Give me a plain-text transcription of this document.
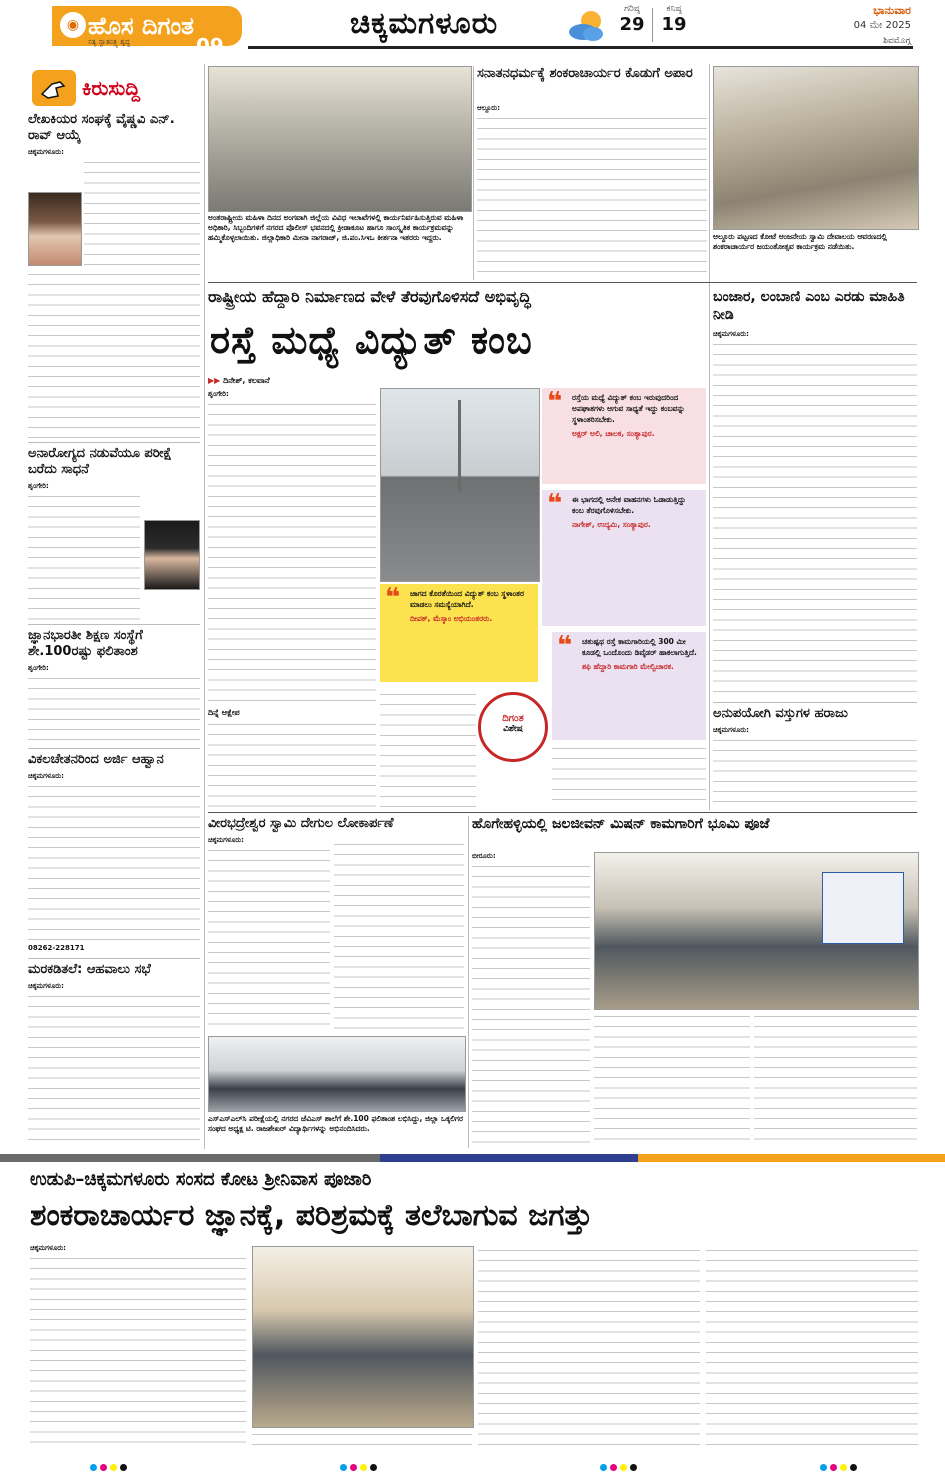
ಹೊಸ ದಿಗಂತ
◉
ಸತ್ಯ ಸ್ವಾತಂತ್ರ್ಯ ಶೃದ್ಧ	09
ಚಿಕ್ಕಮಗಳೂರು	ಗರಿಷ್ಠ
29
ಕನಿಷ್ಠ
19
ಭಾನುವಾರ
04 ಮೇ 2025
ಶಿವಮೊಗ್ಗ
ಕಿರುಸುದ್ದಿ
ಲೇಖಕಿಯರ ಸಂಘಕ್ಕೆ ವೈಷ್ಣವಿ ಎನ್. ರಾವ್ ಆಯ್ಕೆ
ಚಿಕ್ಕಮಗಳೂರು:
ಅನಾರೋಗ್ಯದ ನಡುವೆಯೂ ಪರೀಕ್ಷೆ ಬರೆದು ಸಾಧನೆ
ಶೃಂಗೇರಿ:
ಜ್ಞಾನಭಾರತೀ ಶಿಕ್ಷಣ ಸಂಸ್ಥೆಗೆ ಶೇ.100ರಷ್ಟು ಫಲಿತಾಂಶ
ಶೃಂಗೇರಿ:
ವಿಕಲಚೇತನರಿಂದ ಅರ್ಜಿ ಆಹ್ವಾನ
ಚಿಕ್ಕಮಗಳೂರು:
08262-228171
ಮರಕಡಿತಲೆ: ಆಹವಾಲು ಸಭೆ
ಚಿಕ್ಕಮಗಳೂರು:
ಅಂತರಾಷ್ಟ್ರೀಯ ಮಹಿಳಾ ದಿನದ ಅಂಗವಾಗಿ ಜಿಲ್ಲೆಯ ವಿವಿಧ ಇಲಾಖೆಗಳಲ್ಲಿ ಕಾರ್ಯನಿರ್ವಹಿಸುತ್ತಿರುವ ಮಹಿಳಾ ಅಧಿಕಾರಿ, ಸಿಬ್ಬಂದಿಗಳಿಗೆ ನಗರದ ಪೊಲೀಸ್ ಭವನದಲ್ಲಿ ಕ್ರೀಡಾಕೂಟ ಹಾಗೂ ಸಾಂಸ್ಕೃತಿಕ ಕಾರ್ಯಕ್ರಮವನ್ನು ಹಮ್ಮಿಕೊಳ್ಳಲಾಯಿತು. ಜಿಲ್ಲಾಧಿಕಾರಿ ಮೀನಾ ನಾಗರಾಜ್, ಜಿ.ಪಂ.ಸಿಇಒ ಕೀರ್ತನಾ ಇತರರು ಇದ್ದರು.
ಸನಾತನಧರ್ಮಕ್ಕೆ ಶಂಕರಾಚಾರ್ಯರ ಕೊಡುಗೆ ಅಪಾರ
ಆಲ್ದೂರು:
ಆಲ್ದೂರು ಪಟ್ಟಣದ ಕೋಟೆ ಆಂಜನೇಯ ಸ್ವಾಮಿ ದೇವಾಲಯ ಆವರಣದಲ್ಲಿ ಶಂಕರಾಚಾರ್ಯರ ಜಯಂತೋತ್ಸವ ಕಾರ್ಯಕ್ರಮ ನಡೆಯಿತು.
ರಾಷ್ಟ್ರೀಯ ಹೆದ್ದಾರಿ ನಿರ್ಮಾಣದ ವೇಳೆ ತೆರವುಗೊಳಿಸದೆ ಅಭಿವೃದ್ಧಿ
ರಸ್ತೆ ಮಧ್ಯೆ ವಿದ್ಯುತ್ ಕಂಬ
▶▶ ದಿನೇಶ್, ಕಲವಾನೆ
ಶೃಂಗೇರಿ:
ದಿನ್ನೆ ಆಕ್ಷೇಪ
❝	ರಸ್ತೆಯ ಮಧ್ಯೆ ವಿದ್ಯುತ್ ಕಂಬ ಇರುವುದರಿಂದ ಅಪಘಾತಗಳು ಆಗುವ ಸಾಧ್ಯತೆ ಇದ್ದು ಕಂಬವನ್ನು ಸ್ಥಳಾಂತರಿಸಬೇಕು.
ಅಕ್ಷರ್ ಅಲಿ, ಚಾಲಕ, ಸಂತ್ಯಾಪುರ.
❝	ಈ ಭಾಗದಲ್ಲಿ ಅನೇಕ ವಾಹನಗಳು ಓಡಾಡುತ್ತಿದ್ದು ಕಂಬ ತೆರವುಗೊಳಿಸಬೇಕು.
ನಾಗೇಶ್, ಉದ್ಯಮಿ, ಸಂತ್ಯಾಪುರ.
❝	ಜಾಗದ ಕೊರತೆಯಿಂದ ವಿದ್ಯುತ್ ಕಂಬ ಸ್ಥಳಾಂತರ ಮಾಡಲು ಸಮಸ್ಯೆಯಾಗಿದೆ.
ದೀಪಕ್, ಮೆಸ್ಕಾಂ ಅಭಿಯಂತರರು.
❝	ಚತುಷ್ಪಥ ರಸ್ತೆ ಕಾಮಗಾರಿಯಲ್ಲಿ 300 ಮೀ ಕೂಡಲ್ಲಿ ಒಂದೊಂದು ಡಿವೈಡರ್ ಹಾಕಲಾಗುತ್ತಿದೆ.
ಶಫಿ ಹೆದ್ದಾರಿ ಕಾಮಗಾರಿ ಮೇಲ್ವಿಚಾರಕ.
ದಿಗಂತ
ವಿಶೇಷ
ಬಂಜಾರ, ಲಂಬಾಣಿ ಎಂಬ ಎರಡು ಮಾಹಿತಿ ನೀಡಿ
ಚಿಕ್ಕಮಗಳೂರು:
ಅನುಪಯೋಗಿ ವಸ್ತುಗಳ ಹರಾಜು
ಚಿಕ್ಕಮಗಳೂರು:
ವೀರಭದ್ರೇಶ್ವರ ಸ್ವಾಮಿ ದೇಗುಲ ಲೋಕಾರ್ಪಣೆ
ಚಿಕ್ಕಮಗಳೂರು:
ಎಸ್‌ಎಸ್‌ಎಲ್‌ಸಿ ಪರೀಕ್ಷೆಯಲ್ಲಿ ನಗರದ ಜೆವಿಎಸ್ ಶಾಲೆಗೆ ಶೇ.100 ಫಲಿತಾಂಶ ಲಭಿಸಿದ್ದು, ಜಿಲ್ಲಾ ಒಕ್ಕಲಿಗರ ಸಂಘದ ಅಧ್ಯಕ್ಷ ಟಿ. ರಾಜಶೇಖರ್ ವಿದ್ಯಾರ್ಥಿಗಳನ್ನು ಅಭಿನಂದಿಸಿದರು.
ಹೊಗೇಹಳ್ಳಿಯಲ್ಲಿ ಜಲಜೀವನ್ ಮಿಷನ್ ಕಾಮಗಾರಿಗೆ ಭೂಮಿ ಪೂಜೆ
ಬೀರೂರು:
ಉಡುಪಿ–ಚಿಕ್ಕಮಗಳೂರು ಸಂಸದ ಕೋಟ ಶ್ರೀನಿವಾಸ ಪೂಜಾರಿ
ಶಂಕರಾಚಾರ್ಯರ ಜ್ಞಾನಕ್ಕೆ, ಪರಿಶ್ರಮಕ್ಕೆ ತಲೆಬಾಗುವ ಜಗತ್ತು
ಚಿಕ್ಕಮಗಳೂರು:
